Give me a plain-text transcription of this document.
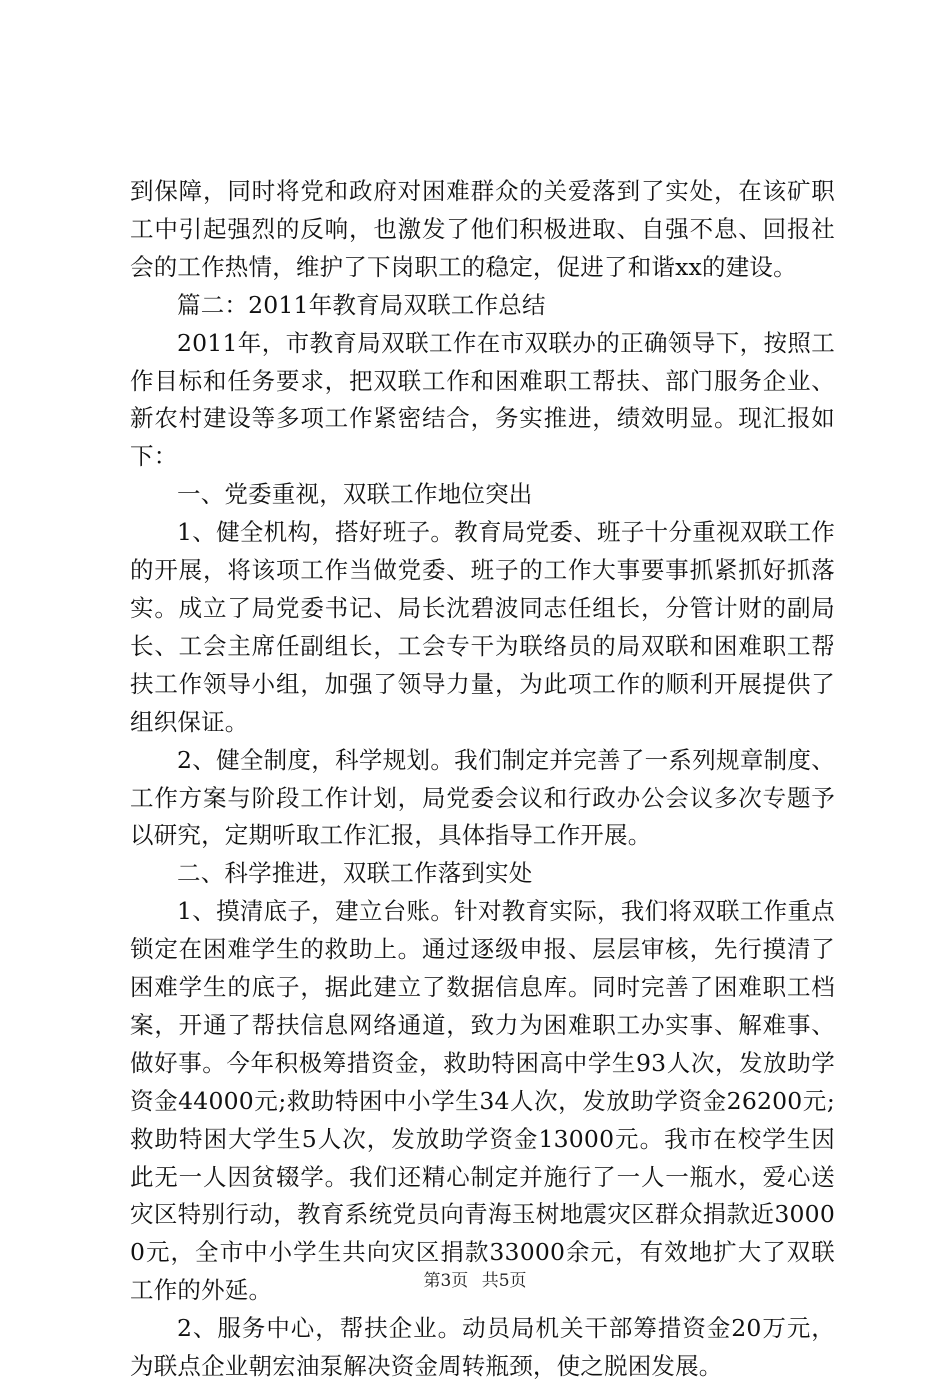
到保障，同时将党和政府对困难群众的关爱落到了实处，在该矿职工中引起强烈的反响，也激发了他们积极进取、自强不息、回报社会的工作热情，维护了下岗职工的稳定，促进了和谐xx的建设。

篇二：2011年教育局双联工作总结

2011年，市教育局双联工作在市双联办的正确领导下，按照工作目标和任务要求，把双联工作和困难职工帮扶、部门服务企业、新农村建设等多项工作紧密结合，务实推进，绩效明显。现汇报如下：

一、党委重视，双联工作地位突出

1、健全机构，搭好班子。教育局党委、班子十分重视双联工作的开展，将该项工作当做党委、班子的工作大事要事抓紧抓好抓落实。成立了局党委书记、局长沈碧波同志任组长，分管计财的副局长、工会主席任副组长，工会专干为联络员的局双联和困难职工帮扶工作领导小组，加强了领导力量，为此项工作的顺利开展提供了组织保证。

2、健全制度，科学规划。我们制定并完善了一系列规章制度、工作方案与阶段工作计划，局党委会议和行政办公会议多次专题予以研究，定期听取工作汇报，具体指导工作开展。

二、科学推进，双联工作落到实处

1、摸清底子，建立台账。针对教育实际，我们将双联工作重点锁定在困难学生的救助上。通过逐级申报、层层审核，先行摸清了困难学生的底子，据此建立了数据信息库。同时完善了困难职工档案，开通了帮扶信息网络通道，致力为困难职工办实事、解难事、做好事。今年积极筹措资金，救助特困高中学生93人次，发放助学资金44000元;救助特困中小学生34人次，发放助学资金26200元;救助特困大学生5人次，发放助学资金13000元。我市在校学生因此无一人因贫辍学。我们还精心制定并施行了一人一瓶水，爱心送灾区特别行动，教育系统党员向青海玉树地震灾区群众捐款近30000元，全市中小学生共向灾区捐款33000余元，有效地扩大了双联工作的外延。

2、服务中心，帮扶企业。动员局机关干部筹措资金20万元，为联点企业朝宏油泵解决资金周转瓶颈，使之脱困发展。

第3页 共5页
